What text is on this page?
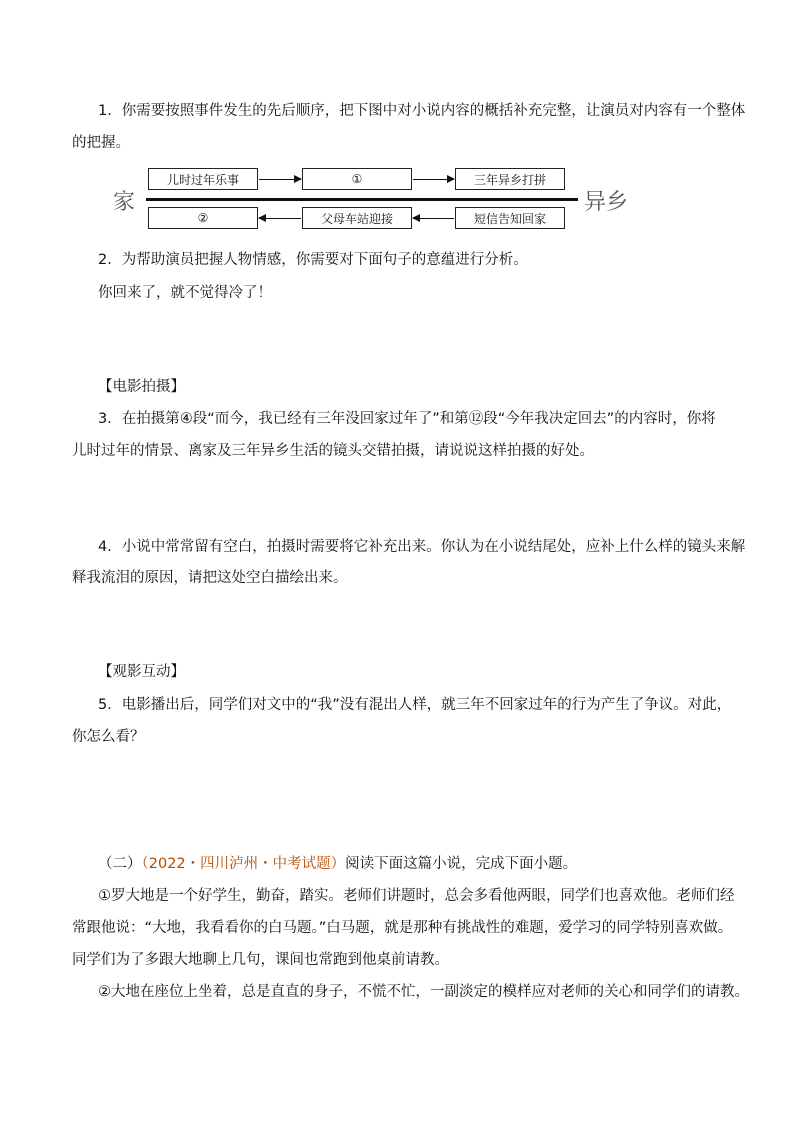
1．你需要按照事件发生的先后顺序，把下图中对小说内容的概括补充完整，让演员对内容有一个整体
的把握。
家	异乡
儿时过年乐事	①	三年异乡打拼
②	父母车站迎接	短信告知回家
2．为帮助演员把握人物情感，你需要对下面句子的意蕴进行分析。
你回来了，就不觉得冷了！
【电影拍摄】
3．在拍摄第④段“而今，我已经有三年没回家过年了”和第⑫段“今年我决定回去”的内容时，你将
儿时过年的情景、离家及三年异乡生活的镜头交错拍摄，请说说这样拍摄的好处。
4．小说中常常留有空白，拍摄时需要将它补充出来。你认为在小说结尾处，应补上什么样的镜头来解
释我流泪的原因，请把这处空白描绘出来。
【观影互动】
5．电影播出后，同学们对文中的“我”没有混出人样，就三年不回家过年的行为产生了争议。对此，
你怎么看？
（二）（2022・四川泸州・中考试题）阅读下面这篇小说，完成下面小题。
①罗大地是一个好学生，勤奋，踏实。老师们讲题时，总会多看他两眼，同学们也喜欢他。老师们经
常跟他说：“大地，我看看你的白马题。”白马题，就是那种有挑战性的难题，爱学习的同学特别喜欢做。
同学们为了多跟大地聊上几句，课间也常跑到他桌前请教。
②大地在座位上坐着，总是直直的身子，不慌不忙，一副淡定的模样应对老师的关心和同学们的请教。
